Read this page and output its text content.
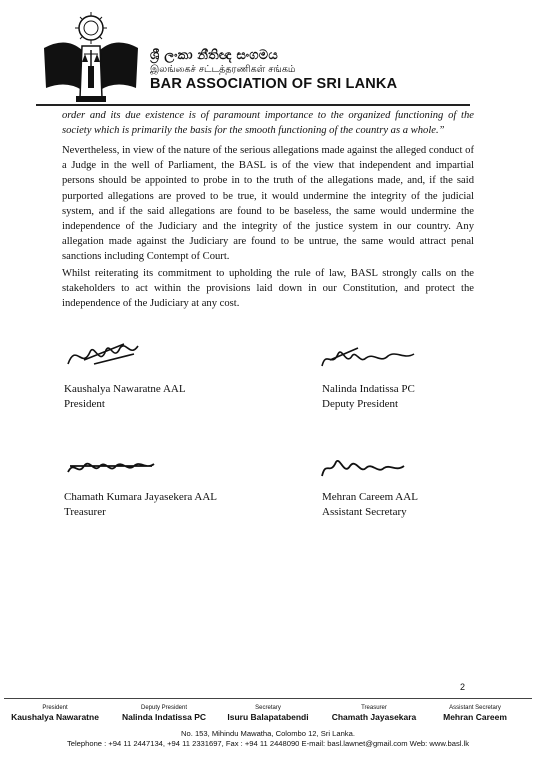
ශ්‍රී ලංකා නීතිඥ සංගමය
இலங்கைச் சட்டத்தரணிகள் சங்கம்
BAR ASSOCIATION OF SRI LANKA
order and its due existence is of paramount importance to the organized functioning of the society which is primarily the basis for the smooth functioning of the country as a whole.”
Nevertheless, in view of the nature of the serious allegations made against the alleged conduct of a Judge in the well of Parliament, the BASL is of the view that independent and impartial persons should be appointed to probe in to the truth of the allegations made, and, if the said purported allegations are proved to be true, it would undermine the integrity of the judicial system, and if the said allegations are found to be baseless, the same would undermine the independence of the Judiciary and the integrity of the justice system in our country. Any allegation made against the Judiciary are found to be untrue, the same would attract penal sanctions including Contempt of Court.
Whilst reiterating its commitment to upholding the rule of law, BASL strongly calls on the stakeholders to act within the provisions laid down in our Constitution, and protect the independence of the Judiciary at any cost.
Kaushalya Nawaratne AAL
President
Nalinda Indatissa PC
Deputy President
Chamath Kumara Jayasekera AAL
Treasurer
Mehran Careem AAL
Assistant Secretary
2
President
Kaushalya Nawaratne
Deputy President
Nalinda Indatissa PC
Secretary
Isuru Balapatabendi
Treasurer
Chamath Jayasekara
Assistant Secretary
Mehran Careem
No. 153, Mihindu Mawatha, Colombo 12, Sri Lanka.
Telephone : +94 11 2447134, +94 11 2331697, Fax : +94 11 2448090 E-mail: basl.lawnet@gmail.com Web: www.basl.lk
